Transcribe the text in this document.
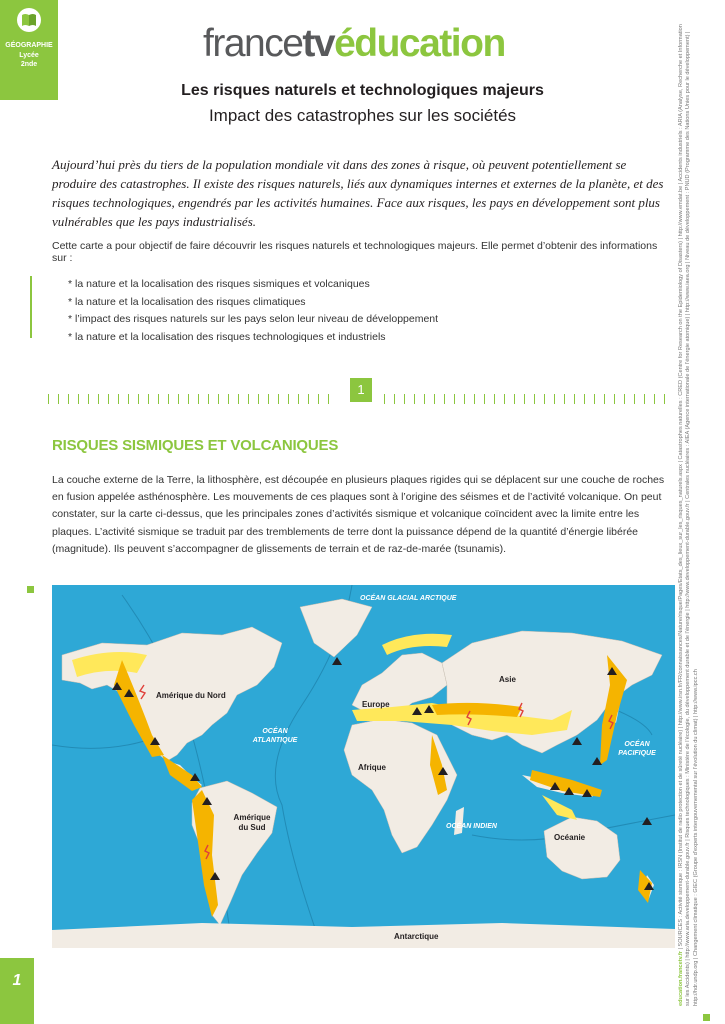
GÉOGRAPHIE
Lycée
2nde	francetvéducation
Les risques naturels et technologiques majeurs
Impact des catastrophes sur les sociétés
Aujourd’hui près du tiers de la population mondiale vit dans des zones à risque, où peuvent potentiellement se produire des catastrophes. Il existe des risques naturels, liés aux dynamiques internes et externes de la planète, et des risques technologiques, engendrés par les activités humaines. Face aux risques, les pays en développement sont plus vulnérables que les pays industrialisés.
Cette carte a pour objectif de faire découvrir les risques naturels et technologiques majeurs. Elle permet d’obtenir des informations sur :
* la nature et la localisation des risques sismiques et volcaniques
* la nature et la localisation des risques climatiques
* l’impact des risques naturels sur les pays selon leur niveau de développement
* la nature et la localisation des risques technologiques et industriels
1
RISQUES SISMIQUES ET VOLCANIQUES
La couche externe de la Terre, la lithosphère, est découpée en plusieurs plaques rigides qui se déplacent sur une couche de roches en fusion appelée asthénosphère. Les mouvements de ces plaques sont à l’origine des séismes et de l’activité volcanique. On peut constater, sur la carte ci-dessus, que les principales zones d’activités sismique et volcanique coïncident avec la limite entre les plaques. L’activité sismique se traduit par des tremblements de terre dont la puissance dépend de la quantité d’énergie libérée (magnitude). Ils peuvent s’accompagner de glissements de terrain et de raz-de-marée (tsunamis).
Amérique du Nord
Amérique du Sud
Europe
Afrique
Asie
Océanie
Antarctique
OCÉAN GLACIAL ARCTIQUE
OCÉAN ATLANTIQUE
OCÉAN PACIFIQUE
OCÉAN INDIEN
education.francetv.fr | SOURCES : Activité sismique : IRSN (Institut de radio protection et de sûreté nucléaire) | http://www.irsn.fr/FR/connaissances/Nature/risque/Pages/Etats_des_lieux_sur_les_risques_naturels.aspx | Catastrophes naturelles : CRED (Centre for Research on the Epidemiology of Disasters) | http://www.emdat.be | Accidents industriels : ARIA (Analyse, Recherche et Information sur les Accidents) | http://www.aria.developpement-durable.gouv.fr | Risques technologiques : Ministère de l’écologie, du développement durable et de l’énergie | http://www.developpement-durable.gouv.fr | Centrales nucléaires : AIEA (Agence internationale de l’énergie atomique) | http://www.iaea.org | Niveau de développement : PNUD (Programme des Nations Unies pour le développement) | http://hdr.undp.org | Changement climatique : GIEC (Groupe d’experts intergouvernemental sur l’évolution du climat) | http://www.ipcc.ch
1
